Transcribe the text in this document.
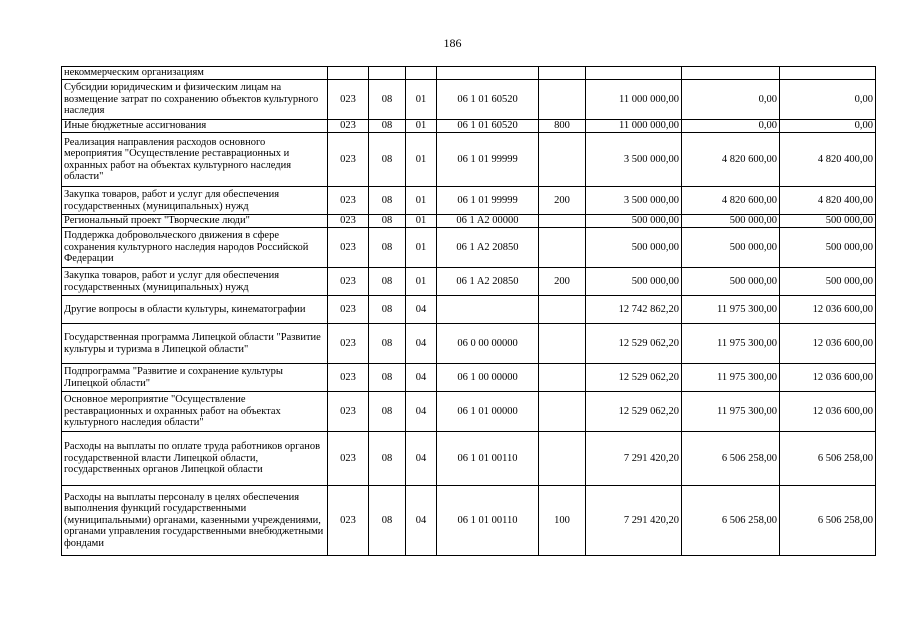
186
некоммерческим организациям								
Субсидии юридическим и физическим лицам на возмещение затрат по сохранению объектов культурного наследия	023	08	01	06 1 01 60520		11 000 000,00	0,00	0,00
Иные бюджетные ассигнования	023	08	01	06 1 01 60520	800	11 000 000,00	0,00	0,00
Реализация направления расходов основного мероприятия "Осуществление реставрационных и охранных работ на объектах культурного наследия области"	023	08	01	06 1 01 99999		3 500 000,00	4 820 600,00	4 820 400,00
Закупка товаров, работ и услуг для обеспечения государственных (муниципальных) нужд	023	08	01	06 1 01 99999	200	3 500 000,00	4 820 600,00	4 820 400,00
Региональный проект "Творческие люди"	023	08	01	06 1 A2 00000		500 000,00	500 000,00	500 000,00
Поддержка добровольческого движения в сфере сохранения культурного наследия народов Российской Федерации	023	08	01	06 1 A2 20850		500 000,00	500 000,00	500 000,00
Закупка товаров, работ и услуг для обеспечения государственных (муниципальных) нужд	023	08	01	06 1 A2 20850	200	500 000,00	500 000,00	500 000,00
Другие вопросы в области культуры, кинематографии	023	08	04			12 742 862,20	11 975 300,00	12 036 600,00
Государственная программа Липецкой области "Развитие культуры и туризма в Липецкой области"	023	08	04	06 0 00 00000		12 529 062,20	11 975 300,00	12 036 600,00
Подпрограмма "Развитие и сохранение культуры Липецкой области"	023	08	04	06 1 00 00000		12 529 062,20	11 975 300,00	12 036 600,00
Основное мероприятие "Осуществление реставрационных и охранных работ на объектах культурного наследия области"	023	08	04	06 1 01 00000		12 529 062,20	11 975 300,00	12 036 600,00
Расходы на выплаты по оплате труда работников органов государственной власти Липецкой области, государственных органов Липецкой области	023	08	04	06 1 01 00110		7 291 420,20	6 506 258,00	6 506 258,00
Расходы на выплаты персоналу в целях обеспечения выполнения функций государственными (муниципальными) органами, казенными учреждениями, органами управления государственными внебюджетными фондами	023	08	04	06 1 01 00110	100	7 291 420,20	6 506 258,00	6 506 258,00
